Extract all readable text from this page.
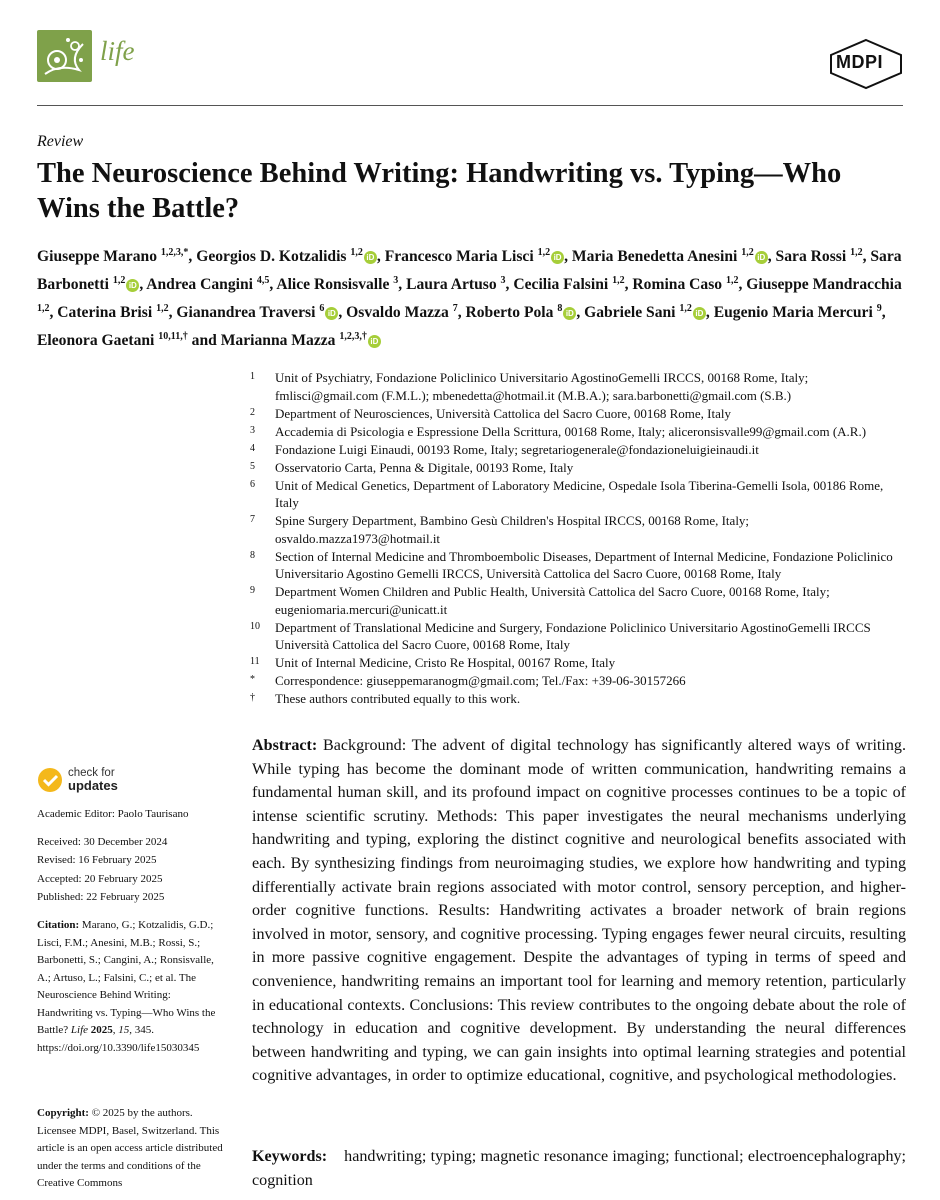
life	MDPI
Review
The Neuroscience Behind Writing: Handwriting vs. Typing—Who Wins the Battle?
Giuseppe Marano $^{1,2,3,*}$, Georgios D. Kotzalidis $^{1,2}$ iD , Francesco Maria Lisci $^{1,2}$ iD , Maria Benedetta Anesini $^{1,2}$ iD , Sara Rossi $^{1,2}$, Sara Barbonetti $^{1,2}$ iD , Andrea Cangini $^{4,5}$, Alice Ronsisvalle $^3$, Laura Artuso $^3$, Cecilia Falsini $^{1,2}$, Romina Caso $^{1,2}$, Giuseppe Mandracchia $^{1,2}$, Caterina Brisi $^{1,2}$, Gianandrea Traversi $^6$ iD , Osvaldo Mazza $^7$, Roberto Pola $^8$ iD , Gabriele Sani $^{1,2}$ iD , Eugenio Maria Mercuri $^9$, Eleonora Gaetani $^{10,11,\dagger}$ and Marianna Mazza $^{1,2,3,\dagger}$ iD
1 Unit of Psychiatry, Fondazione Policlinico Universitario AgostinoGemelli IRCCS, 00168 Rome, Italy; fmlisci@gmail.com (F.M.L.); mbenedetta@hotmail.it (M.B.A.); sara.barbonetti@gmail.com (S.B.)
2 Department of Neurosciences, Università Cattolica del Sacro Cuore, 00168 Rome, Italy
3 Accademia di Psicologia e Espressione Della Scrittura, 00168 Rome, Italy; aliceronsisvalle99@gmail.com (A.R.)
4 Fondazione Luigi Einaudi, 00193 Rome, Italy; segretariogenerale@fondazioneluigieinaudi.it
5 Osservatorio Carta, Penna & Digitale, 00193 Rome, Italy
6 Unit of Medical Genetics, Department of Laboratory Medicine, Ospedale Isola Tiberina-Gemelli Isola, 00186 Rome, Italy
7 Spine Surgery Department, Bambino Gesù Children's Hospital IRCCS, 00168 Rome, Italy; osvaldo.mazza1973@hotmail.it
8 Section of Internal Medicine and Thromboembolic Diseases, Department of Internal Medicine, Fondazione Policlinico Universitario Agostino Gemelli IRCCS, Università Cattolica del Sacro Cuore, 00168 Rome, Italy
9 Department Women Children and Public Health, Università Cattolica del Sacro Cuore, 00168 Rome, Italy; eugeniomaria.mercuri@unicatt.it
10 Department of Translational Medicine and Surgery, Fondazione Policlinico Universitario AgostinoGemelli IRCCS Università Cattolica del Sacro Cuore, 00168 Rome, Italy
11 Unit of Internal Medicine, Cristo Re Hospital, 00167 Rome, Italy
* Correspondence: giuseppemaranogm@gmail.com; Tel./Fax: +39-06-30157266
† These authors contributed equally to this work.
check for
updates
Academic Editor: Paolo Taurisano
Received: 30 December 2024
Revised: 16 February 2025
Accepted: 20 February 2025
Published: 22 February 2025
Citation: Marano, G.; Kotzalidis, G.D.; Lisci, F.M.; Anesini, M.B.; Rossi, S.; Barbonetti, S.; Cangini, A.; Ronsisvalle, A.; Artuso, L.; Falsini, C.; et al. The Neuroscience Behind Writing: Handwriting vs. Typing—Who Wins the Battle? Life 2025, 15, 345. https://doi.org/10.3390/life15030345
Copyright: © 2025 by the authors. Licensee MDPI, Basel, Switzerland. This article is an open access article distributed under the terms and conditions of the Creative Commons
Abstract: Background: The advent of digital technology has significantly altered ways of writing. While typing has become the dominant mode of written communication, handwriting remains a fundamental human skill, and its profound impact on cognitive processes continues to be a topic of intense scientific scrutiny. Methods: This paper investigates the neural mechanisms underlying handwriting and typing, exploring the distinct cognitive and neurological benefits associated with each. By synthesizing findings from neuroimaging studies, we explore how handwriting and typing differentially activate brain regions associated with motor control, sensory perception, and higher-order cognitive functions. Results: Handwriting activates a broader network of brain regions involved in motor, sensory, and cognitive processing. Typing engages fewer neural circuits, resulting in more passive cognitive engagement. Despite the advantages of typing in terms of speed and convenience, handwriting remains an important tool for learning and memory retention, particularly in educational contexts. Conclusions: This review contributes to the ongoing debate about the role of technology in education and cognitive development. By understanding the neural differences between handwriting and typing, we can gain insights into optimal learning strategies and potential cognitive advantages, in order to optimize educational, cognitive, and psychological methodologies.
Keywords: handwriting; typing; magnetic resonance imaging; functional; electroencephalography; cognition
